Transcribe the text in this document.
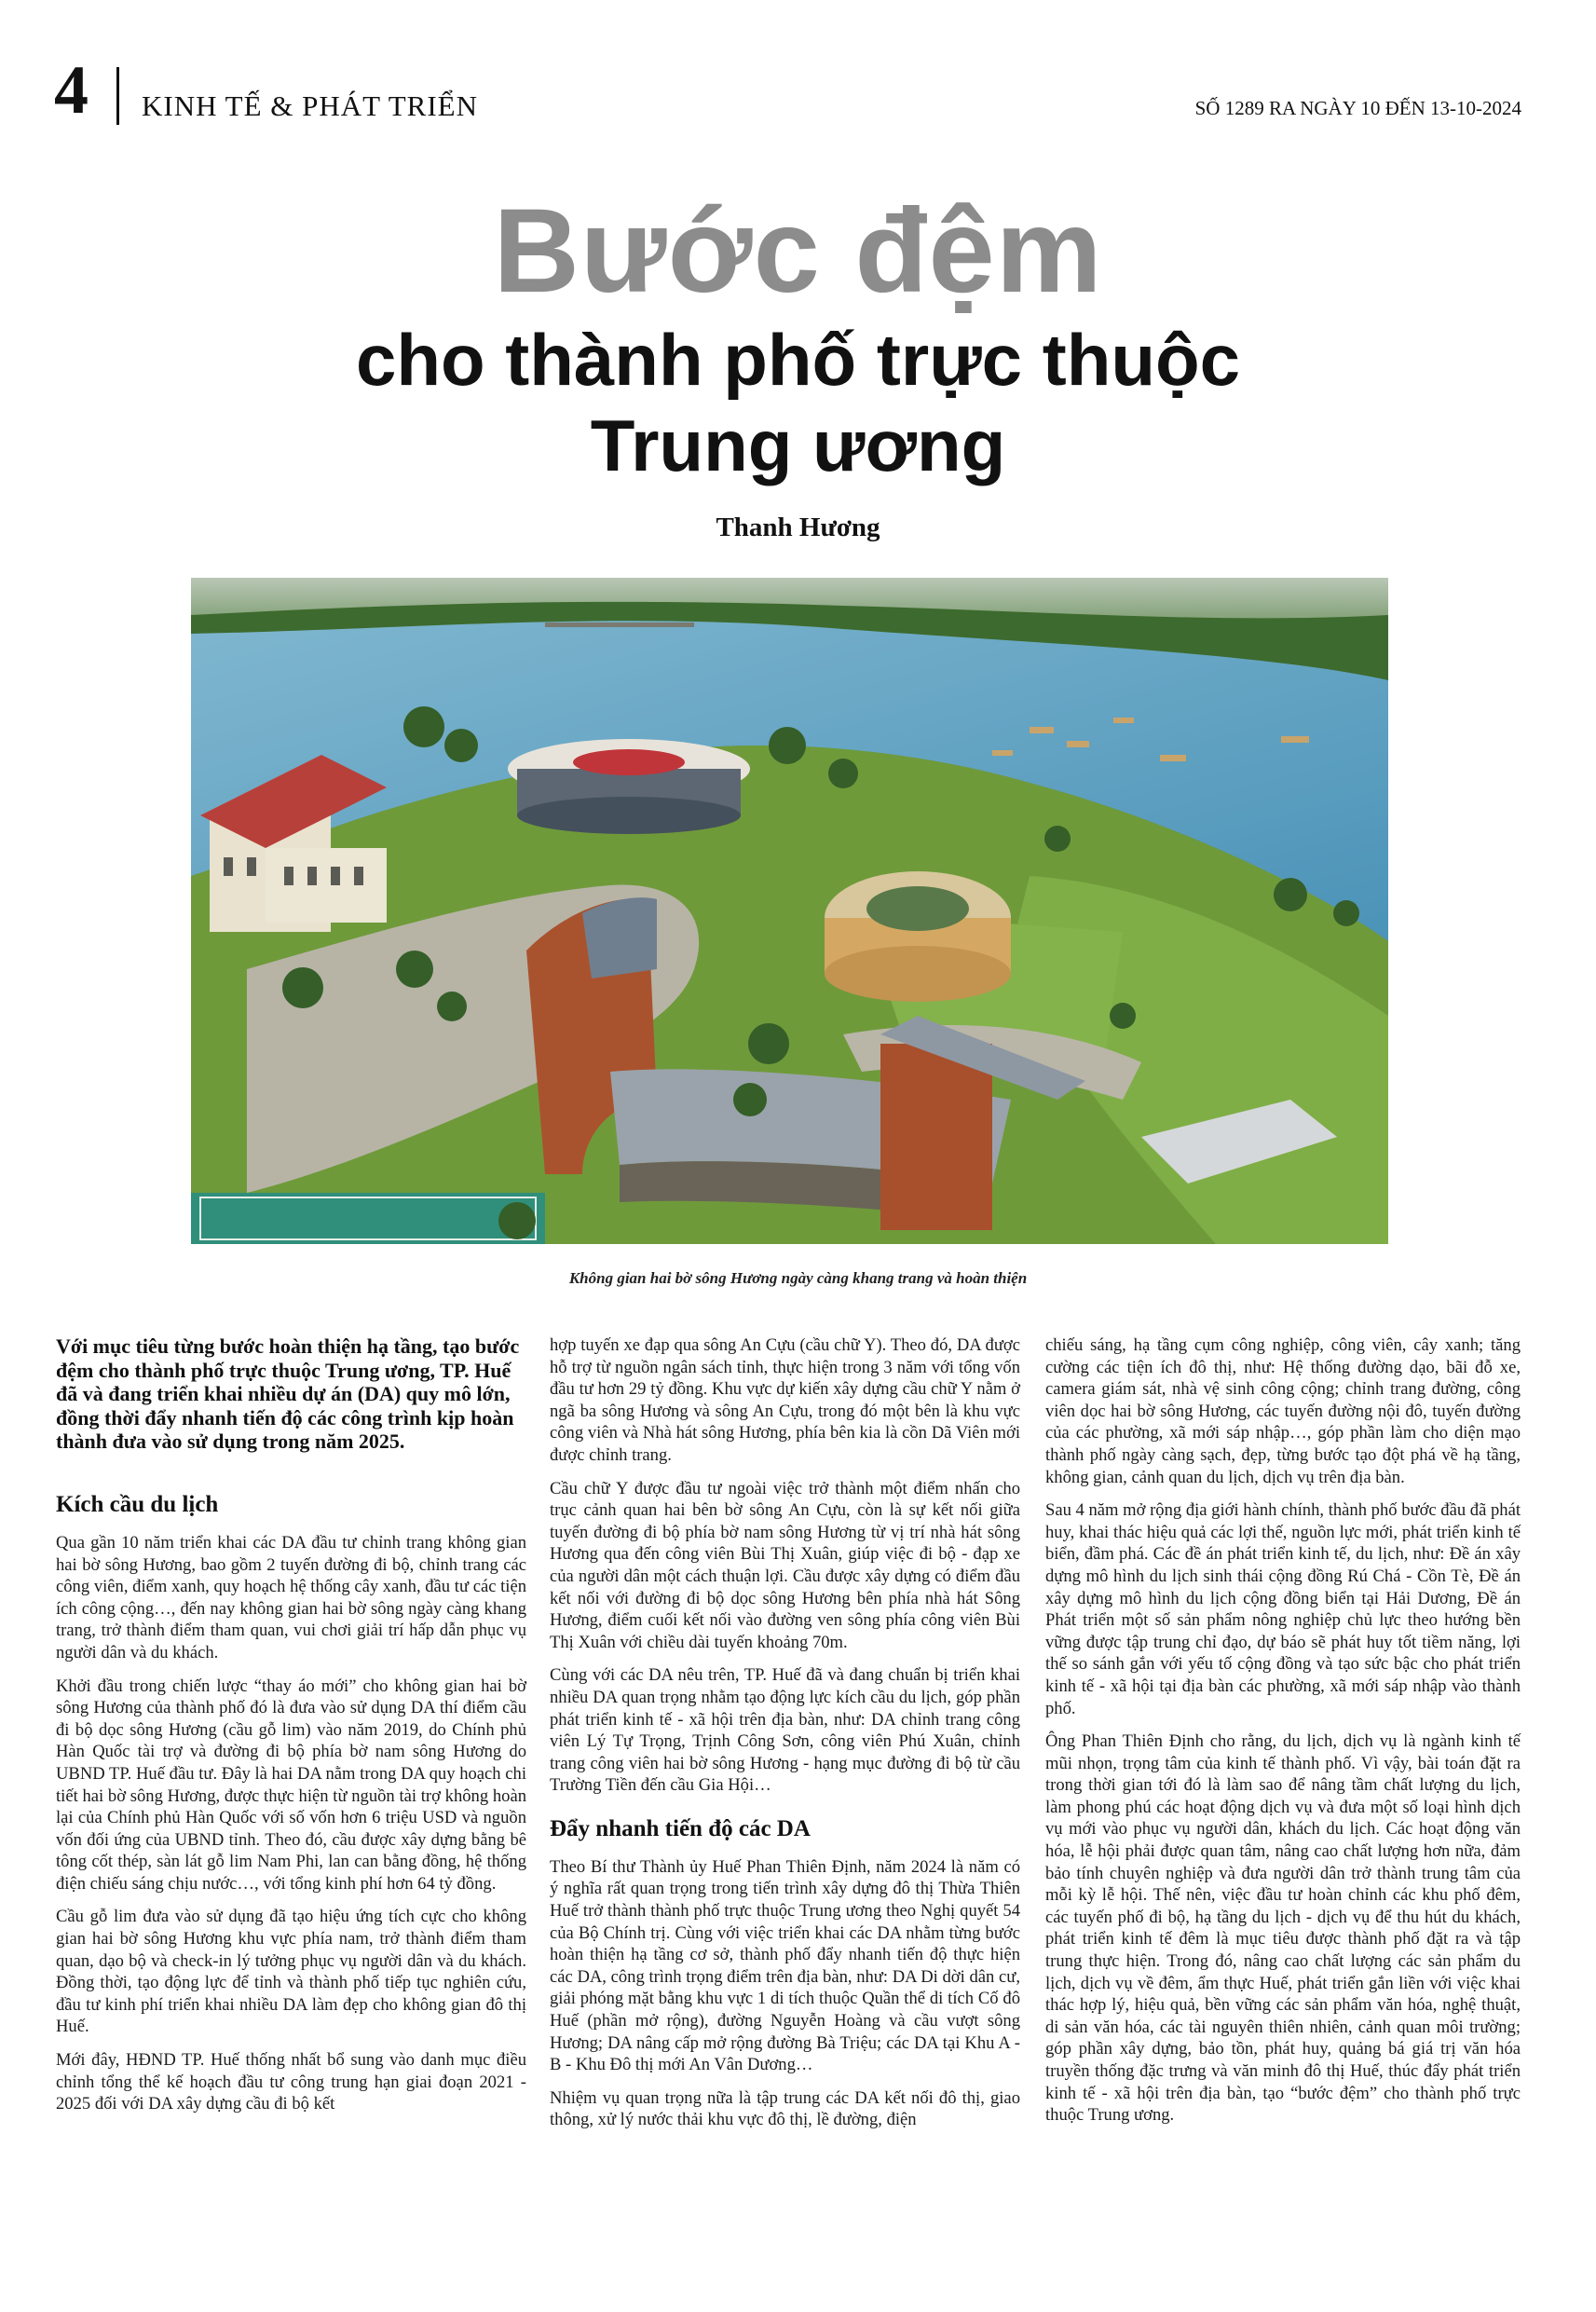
4 KINH TẾ & PHÁT TRIỂN	SỐ 1289 RA NGÀY 10 ĐẾN 13-10-2024
Bước đệm
cho thành phố trực thuộc
Trung ương
Thanh Hương
Không gian hai bờ sông Hương ngày càng khang trang và hoàn thiện

Với mục tiêu từng bước hoàn thiện hạ tầng, tạo bước đệm cho thành phố trực thuộc Trung ương, TP. Huế đã và đang triển khai nhiều dự án (DA) quy mô lớn, đồng thời đẩy nhanh tiến độ các công trình kịp hoàn thành đưa vào sử dụng trong năm 2025.

Kích cầu du lịch

Qua gần 10 năm triển khai các DA đầu tư chỉnh trang không gian hai bờ sông Hương, bao gồm 2 tuyến đường đi bộ, chỉnh trang các công viên, điểm xanh, quy hoạch hệ thống cây xanh, đầu tư các tiện ích công cộng…, đến nay không gian hai bờ sông ngày càng khang trang, trở thành điểm tham quan, vui chơi giải trí hấp dẫn phục vụ người dân và du khách.

Khởi đầu trong chiến lược “thay áo mới” cho không gian hai bờ sông Hương của thành phố đó là đưa vào sử dụng DA thí điểm cầu đi bộ dọc sông Hương (cầu gỗ lim) vào năm 2019, do Chính phủ Hàn Quốc tài trợ và đường đi bộ phía bờ nam sông Hương do UBND TP. Huế đầu tư. Đây là hai DA nằm trong DA quy hoạch chi tiết hai bờ sông Hương, được thực hiện từ nguồn tài trợ không hoàn lại của Chính phủ Hàn Quốc với số vốn hơn 6 triệu USD và nguồn vốn đối ứng của UBND tỉnh. Theo đó, cầu được xây dựng bằng bê tông cốt thép, sàn lát gỗ lim Nam Phi, lan can bằng đồng, hệ thống điện chiếu sáng chịu nước…, với tổng kinh phí hơn 64 tỷ đồng.

Cầu gỗ lim đưa vào sử dụng đã tạo hiệu ứng tích cực cho không gian hai bờ sông Hương khu vực phía nam, trở thành điểm tham quan, dạo bộ và check-in lý tưởng phục vụ người dân và du khách. Đồng thời, tạo động lực để tỉnh và thành phố tiếp tục nghiên cứu, đầu tư kinh phí triển khai nhiều DA làm đẹp cho không gian đô thị Huế.

Mới đây, HĐND TP. Huế thống nhất bổ sung vào danh mục điều chỉnh tổng thể kế hoạch đầu tư công trung hạn giai đoạn 2021 - 2025 đối với DA xây dựng cầu đi bộ kết

hợp tuyến xe đạp qua sông An Cựu (cầu chữ Y). Theo đó, DA được hỗ trợ từ nguồn ngân sách tỉnh, thực hiện trong 3 năm với tổng vốn đầu tư hơn 29 tỷ đồng. Khu vực dự kiến xây dựng cầu chữ Y nằm ở ngã ba sông Hương và sông An Cựu, trong đó một bên là khu vực công viên và Nhà hát sông Hương, phía bên kia là cồn Dã Viên mới được chỉnh trang.

Cầu chữ Y được đầu tư ngoài việc trở thành một điểm nhấn cho trục cảnh quan hai bên bờ sông An Cựu, còn là sự kết nối giữa tuyến đường đi bộ phía bờ nam sông Hương từ vị trí nhà hát sông Hương qua đến công viên Bùi Thị Xuân, giúp việc đi bộ - đạp xe của người dân một cách thuận lợi. Cầu được xây dựng có điểm đầu kết nối với đường đi bộ dọc sông Hương bên phía nhà hát Sông Hương, điểm cuối kết nối vào đường ven sông phía công viên Bùi Thị Xuân với chiều dài tuyến khoảng 70m.

Cùng với các DA nêu trên, TP. Huế đã và đang chuẩn bị triển khai nhiều DA quan trọng nhằm tạo động lực kích cầu du lịch, góp phần phát triển kinh tế - xã hội trên địa bàn, như: DA chỉnh trang công viên Lý Tự Trọng, Trịnh Công Sơn, công viên Phú Xuân, chỉnh trang công viên hai bờ sông Hương - hạng mục đường đi bộ từ cầu Trường Tiền đến cầu Gia Hội…

Đẩy nhanh tiến độ các DA

Theo Bí thư Thành ủy Huế Phan Thiên Định, năm 2024 là năm có ý nghĩa rất quan trọng trong tiến trình xây dựng đô thị Thừa Thiên Huế trở thành thành phố trực thuộc Trung ương theo Nghị quyết 54 của Bộ Chính trị. Cùng với việc triển khai các DA nhằm từng bước hoàn thiện hạ tầng cơ sở, thành phố đẩy nhanh tiến độ thực hiện các DA, công trình trọng điểm trên địa bàn, như: DA Di dời dân cư, giải phóng mặt bằng khu vực 1 di tích thuộc Quần thể di tích Cố đô Huế (phần mở rộng), đường Nguyễn Hoàng và cầu vượt sông Hương; DA nâng cấp mở rộng đường Bà Triệu; các DA tại Khu A - B - Khu Đô thị mới An Vân Dương…

Nhiệm vụ quan trọng nữa là tập trung các DA kết nối đô thị, giao thông, xử lý nước thải khu vực đô thị, lề đường, điện

chiếu sáng, hạ tầng cụm công nghiệp, công viên, cây xanh; tăng cường các tiện ích đô thị, như: Hệ thống đường dạo, bãi đỗ xe, camera giám sát, nhà vệ sinh công cộng; chỉnh trang đường, công viên dọc hai bờ sông Hương, các tuyến đường nội đô, tuyến đường của các phường, xã mới sáp nhập…, góp phần làm cho diện mạo thành phố ngày càng sạch, đẹp, từng bước tạo đột phá về hạ tầng, không gian, cảnh quan du lịch, dịch vụ trên địa bàn.

Sau 4 năm mở rộng địa giới hành chính, thành phố bước đầu đã phát huy, khai thác hiệu quả các lợi thế, nguồn lực mới, phát triển kinh tế biển, đầm phá. Các đề án phát triển kinh tế, du lịch, như: Đề án xây dựng mô hình du lịch sinh thái cộng đồng Rú Chá - Cồn Tè, Đề án xây dựng mô hình du lịch cộng đồng biển tại Hải Dương, Đề án Phát triển một số sản phẩm nông nghiệp chủ lực theo hướng bền vững được tập trung chỉ đạo, dự báo sẽ phát huy tốt tiềm năng, lợi thế so sánh gắn với yếu tố cộng đồng và tạo sức bậc cho phát triển kinh tế - xã hội tại địa bàn các phường, xã mới sáp nhập vào thành phố.

Ông Phan Thiên Định cho rằng, du lịch, dịch vụ là ngành kinh tế mũi nhọn, trọng tâm của kinh tế thành phố. Vì vậy, bài toán đặt ra trong thời gian tới đó là làm sao để nâng tầm chất lượng du lịch, làm phong phú các hoạt động dịch vụ và đưa một số loại hình dịch vụ mới vào phục vụ người dân, khách du lịch. Các hoạt động văn hóa, lễ hội phải được quan tâm, nâng cao chất lượng hơn nữa, đảm bảo tính chuyên nghiệp và đưa người dân trở thành trung tâm của mỗi kỳ lễ hội. Thế nên, việc đầu tư hoàn chỉnh các khu phố đêm, các tuyến phố đi bộ, hạ tầng du lịch - dịch vụ để thu hút du khách, phát triển kinh tế đêm là mục tiêu được thành phố đặt ra và tập trung thực hiện. Trong đó, nâng cao chất lượng các sản phẩm du lịch, dịch vụ về đêm, ẩm thực Huế, phát triển gắn liền với việc khai thác hợp lý, hiệu quả, bền vững các sản phẩm văn hóa, nghệ thuật, di sản văn hóa, các tài nguyên thiên nhiên, cảnh quan môi trường; góp phần xây dựng, bảo tồn, phát huy, quảng bá giá trị văn hóa truyền thống đặc trưng và văn minh đô thị Huế, thúc đẩy phát triển kinh tế - xã hội trên địa bàn, tạo “bước đệm” cho thành phố trực thuộc Trung ương.
